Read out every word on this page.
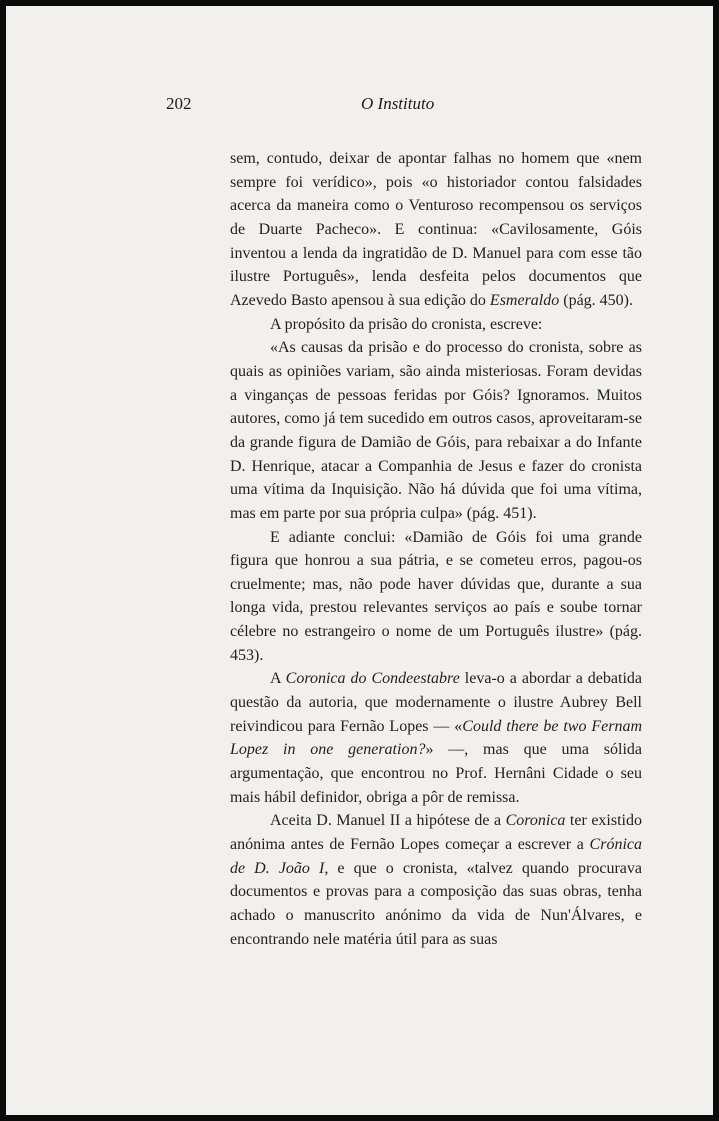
202	O Instituto

sem, contudo, deixar de apontar falhas no homem que «nem sempre foi verídico», pois «o historiador contou falsidades acerca da maneira como o Venturoso recompensou os serviços de Duarte Pacheco». E continua: «Cavilosamente, Góis inventou a lenda da ingratidão de D. Manuel para com esse tão ilustre Português», lenda desfeita pelos documentos que Azevedo Basto apensou à sua edição do Esmeraldo (pág. 450).

A propósito da prisão do cronista, escreve:

«As causas da prisão e do processo do cronista, sobre as quais as opiniões variam, são ainda misteriosas. Foram devidas a vinganças de pessoas feridas por Góis? Ignoramos. Muitos autores, como já tem sucedido em outros casos, aproveitaram-se da grande figura de Damião de Góis, para rebaixar a do Infante D. Henrique, atacar a Companhia de Jesus e fazer do cronista uma vítima da Inquisição. Não há dúvida que foi uma vítima, mas em parte por sua própria culpa» (pág. 451).

E adiante conclui: «Damião de Góis foi uma grande figura que honrou a sua pátria, e se cometeu erros, pagou-os cruelmente; mas, não pode haver dúvidas que, durante a sua longa vida, prestou relevantes serviços ao país e soube tornar célebre no estrangeiro o nome de um Português ilustre» (pág. 453).

A Coronica do Condeestabre leva-o a abordar a debatida questão da autoria, que modernamente o ilustre Aubrey Bell reivindicou para Fernão Lopes — «Could there be two Fernam Lopez in one generation?» —, mas que uma sólida argumentação, que encontrou no Prof. Hernâni Cidade o seu mais hábil definidor, obriga a pôr de remissa.

Aceita D. Manuel II a hipótese de a Coronica ter existido anónima antes de Fernão Lopes começar a escrever a Crónica de D. João I, e que o cronista, «talvez quando procurava documentos e provas para a composição das suas obras, tenha achado o manuscrito anónimo da vida de Nun'Álvares, e encontrando nele matéria útil para as suas
